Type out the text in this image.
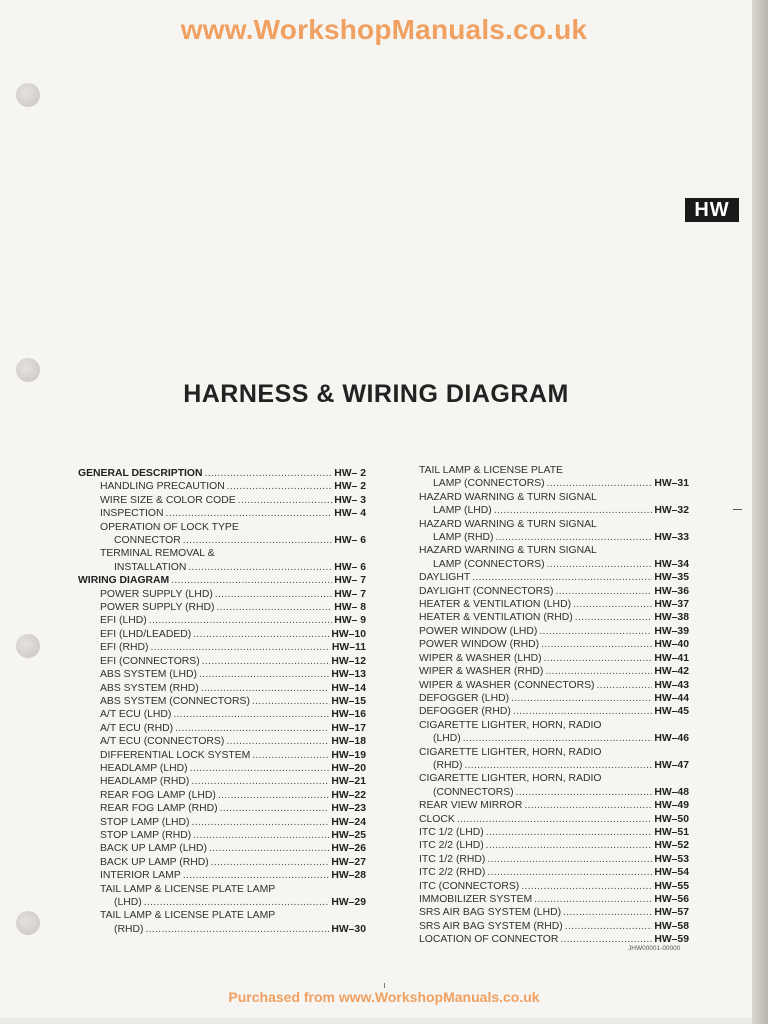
www.WorkshopManuals.co.uk
HW
HARNESS & WIRING DIAGRAM
GENERAL DESCRIPTION .....	HW– 2
HANDLING PRECAUTION .....	HW– 2
WIRE SIZE & COLOR CODE .....	HW– 3
INSPECTION .....	HW– 4
OPERATION OF LOCK TYPE
CONNECTOR .....	HW– 6
TERMINAL REMOVAL &
INSTALLATION .....	HW– 6
WIRING DIAGRAM .....	HW– 7
POWER SUPPLY (LHD) .....	HW– 7
POWER SUPPLY (RHD) .....	HW– 8
EFI (LHD) .....	HW– 9
EFI (LHD/LEADED) .....	HW–10
EFI (RHD) .....	HW–11
EFI (CONNECTORS) .....	HW–12
ABS SYSTEM (LHD) .....	HW–13
ABS SYSTEM (RHD) .....	HW–14
ABS SYSTEM (CONNECTORS) .....	HW–15
A/T ECU (LHD) .....	HW–16
A/T ECU (RHD) .....	HW–17
A/T ECU (CONNECTORS) .....	HW–18
DIFFERENTIAL LOCK SYSTEM .....	HW–19
HEADLAMP (LHD) .....	HW–20
HEADLAMP (RHD) .....	HW–21
REAR FOG LAMP (LHD) .....	HW–22
REAR FOG LAMP (RHD) .....	HW–23
STOP LAMP (LHD) .....	HW–24
STOP LAMP (RHD) .....	HW–25
BACK UP LAMP (LHD) .....	HW–26
BACK UP LAMP (RHD) .....	HW–27
INTERIOR LAMP .....	HW–28
TAIL LAMP & LICENSE PLATE LAMP
(LHD) .....	HW–29
TAIL LAMP & LICENSE PLATE LAMP
(RHD) .....	HW–30
TAIL LAMP & LICENSE PLATE
LAMP (CONNECTORS) .....	HW–31
HAZARD WARNING & TURN SIGNAL
LAMP (LHD) .....	HW–32
HAZARD WARNING & TURN SIGNAL
LAMP (RHD) .....	HW–33
HAZARD WARNING & TURN SIGNAL
LAMP (CONNECTORS) .....	HW–34
DAYLIGHT .....	HW–35
DAYLIGHT (CONNECTORS) .....	HW–36
HEATER & VENTILATION (LHD) .....	HW–37
HEATER & VENTILATION (RHD) .....	HW–38
POWER WINDOW (LHD) .....	HW–39
POWER WINDOW (RHD) .....	HW–40
WIPER & WASHER (LHD) .....	HW–41
WIPER & WASHER (RHD) .....	HW–42
WIPER & WASHER (CONNECTORS) .....	HW–43
DEFOGGER (LHD) .....	HW–44
DEFOGGER (RHD) .....	HW–45
CIGARETTE LIGHTER, HORN, RADIO
(LHD) .....	HW–46
CIGARETTE LIGHTER, HORN, RADIO
(RHD) .....	HW–47
CIGARETTE LIGHTER, HORN, RADIO
(CONNECTORS) .....	HW–48
REAR VIEW MIRROR .....	HW–49
CLOCK .....	HW–50
ITC 1/2 (LHD) .....	HW–51
ITC 2/2 (LHD) .....	HW–52
ITC 1/2 (RHD) .....	HW–53
ITC 2/2 (RHD) .....	HW–54
ITC (CONNECTORS) .....	HW–55
IMMOBILIZER SYSTEM .....	HW–56
SRS AIR BAG SYSTEM (LHD) .....	HW–57
SRS AIR BAG SYSTEM (RHD) .....	HW–58
LOCATION OF CONNECTOR .....	HW–59
JHW00001-00000
Purchased from www.WorkshopManuals.co.uk
